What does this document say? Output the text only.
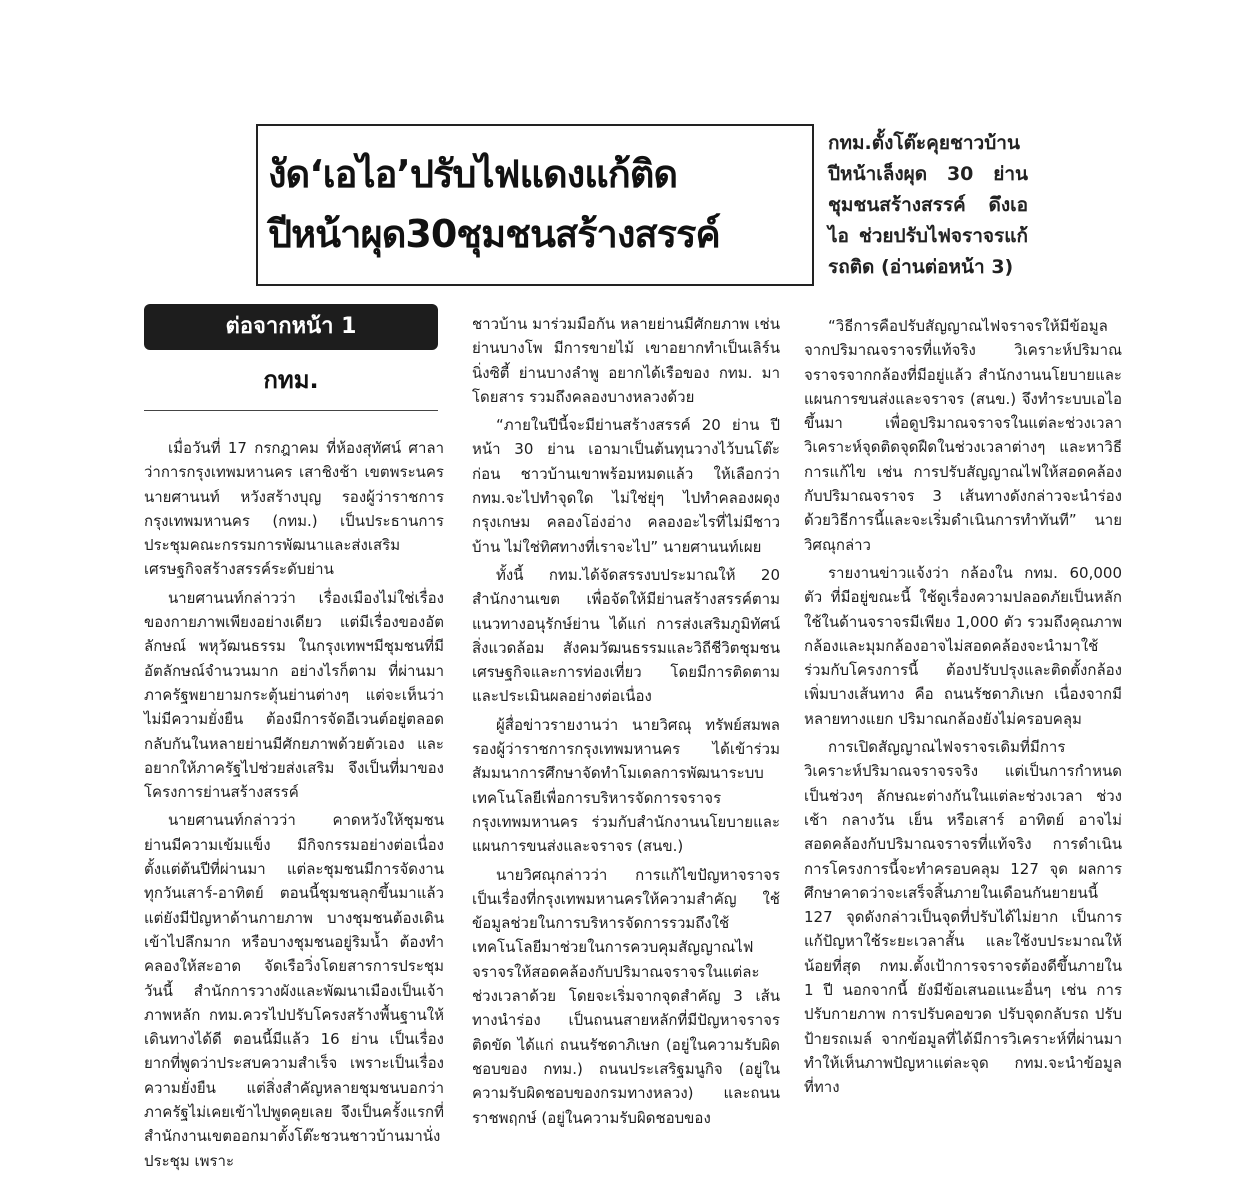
งัด‘เอไอ’ปรับไฟแดงแก้ติด
ปีหน้าผุด30ชุมชนสร้างสรรค์
กทม.ตั้งโต๊ะคุยชาวบ้าน ปีหน้าเล็งผุด 30 ย่าน ชุมชนสร้างสรรค์ ดึงเอไอ ช่วยปรับไฟจราจรแก้ รถติด (อ่านต่อหน้า 3)
ต่อจากหน้า 1
กทม.

เมื่อวันที่ 17 กรกฎาคม ที่ห้องสุทัศน์ ศาลาว่าการกรุงเทพมหานคร เสาชิงช้า เขตพระนคร นายศานนท์ หวังสร้างบุญ รองผู้ว่าราชการกรุงเทพมหานคร (กทม.) เป็นประธานการประชุมคณะกรรมการพัฒนาและส่งเสริมเศรษฐกิจสร้างสรรค์ระดับย่าน

นายศานนท์กล่าวว่า เรื่องเมืองไม่ใช่เรื่องของกายภาพเพียงอย่างเดียว แต่มีเรื่องของอัตลักษณ์ พหุวัฒนธรรม ในกรุงเทพฯมีชุมชนที่มีอัตลักษณ์จำนวนมาก อย่างไรก็ตาม ที่ผ่านมาภาครัฐพยายามกระตุ้นย่านต่างๆ แต่จะเห็นว่าไม่มีความยั่งยืน ต้องมีการจัดอีเวนต์อยู่ตลอด กลับกันในหลายย่านมีศักยภาพด้วยตัวเอง และอยากให้ภาครัฐไปช่วยส่งเสริม จึงเป็นที่มาของโครงการย่านสร้างสรรค์

นายศานนท์กล่าวว่า คาดหวังให้ชุมชน ย่านมีความเข้มแข็ง มีกิจกรรมอย่างต่อเนื่อง ตั้งแต่ต้นปีที่ผ่านมา แต่ละชุมชนมีการจัดงานทุกวันเสาร์-อาทิตย์ ตอนนี้ชุมชนลุกขึ้นมาแล้ว แต่ยังมีปัญหาด้านกายภาพ บางชุมชนต้องเดินเข้าไปลึกมาก หรือบางชุมชนอยู่ริมน้ำ ต้องทำคลองให้สะอาด จัดเรือวิ่งโดยสารการประชุมวันนี้ สำนักการวางผังและพัฒนาเมืองเป็นเจ้าภาพหลัก กทม.ควรไปปรับโครงสร้างพื้นฐานให้เดินทางได้ดี ตอนนี้มีแล้ว 16 ย่าน เป็นเรื่องยากที่พูดว่าประสบความสำเร็จ เพราะเป็นเรื่องความยั่งยืน แต่สิ่งสำคัญหลายชุมชนบอกว่าภาครัฐไม่เคยเข้าไปพูดคุยเลย จึงเป็นครั้งแรกที่สำนักงานเขตออกมาตั้งโต๊ะชวนชาวบ้านมานั่งประชุม เพราะ

ชาวบ้าน มาร่วมมือกัน หลายย่านมีศักยภาพ เช่น ย่านบางโพ มีการขายไม้ เขาอยากทำเป็นเลิร์นนิ่งซิตี้ ย่านบางลำพู อยากได้เรือของ กทม. มาโดยสาร รวมถึงคลองบางหลวงด้วย

“ภายในปีนี้จะมีย่านสร้างสรรค์ 20 ย่าน ปีหน้า 30 ย่าน เอามาเป็นต้นทุนวางไว้บนโต๊ะก่อน ชาวบ้านเขาพร้อมหมดแล้ว ให้เลือกว่า กทม.จะไปทำจุดใด ไม่ใช่ยุ่ๆ ไปทำคลองผดุงกรุงเกษม คลองโอ่งอ่าง คลองอะไรที่ไม่มีชาวบ้าน ไม่ใช่ทิศทางที่เราจะไป” นายศานนท์เผย

ทั้งนี้ กทม.ได้จัดสรรงบประมาณให้ 20 สำนักงานเขต เพื่อจัดให้มีย่านสร้างสรรค์ตามแนวทางอนุรักษ์ย่าน ได้แก่ การส่งเสริมภูมิทัศน์ สิ่งแวดล้อม สังคมวัฒนธรรมและวิถีชีวิตชุมชน เศรษฐกิจและการท่องเที่ยว โดยมีการติดตามและประเมินผลอย่างต่อเนื่อง

ผู้สื่อข่าวรายงานว่า นายวิศณุ ทรัพย์สมพล รองผู้ว่าราชการกรุงเทพมหานคร ได้เข้าร่วมสัมมนาการศึกษาจัดทำโมเดลการพัฒนาระบบเทคโนโลยีเพื่อการบริหารจัดการจราจรกรุงเทพมหานคร ร่วมกับสำนักงานนโยบายและแผนการขนส่งและจราจร (สนข.)

นายวิศณุกล่าวว่า การแก้ไขปัญหาจราจรเป็นเรื่องที่กรุงเทพมหานครให้ความสำคัญ ใช้ข้อมูลช่วยในการบริหารจัดการรวมถึงใช้เทคโนโลยีมาช่วยในการควบคุมสัญญาณไฟจราจรให้สอดคล้องกับปริมาณจราจรในแต่ละช่วงเวลาด้วย โดยจะเริ่มจากจุดสำคัญ 3 เส้นทางนำร่อง เป็นถนนสายหลักที่มีปัญหาจราจรติดขัด ได้แก่ ถนนรัชดาภิเษก (อยู่ในความรับผิดชอบของ กทม.) ถนนประเสริฐมนูกิจ (อยู่ในความรับผิดชอบของกรมทางหลวง) และถนนราชพฤกษ์ (อยู่ในความรับผิดชอบของ

“วิธีการคือปรับสัญญาณไฟจราจรให้มีข้อมูลจากปริมาณจราจรที่แท้จริง วิเคราะห์ปริมาณจราจรจากกล้องที่มีอยู่แล้ว สำนักงานนโยบายและแผนการขนส่งและจราจร (สนข.) จึงทำระบบเอไอขึ้นมา เพื่อดูปริมาณจราจรในแต่ละช่วงเวลา วิเคราะห์จุดติดจุดฝืดในช่วงเวลาต่างๆ และหาวิธีการแก้ไข เช่น การปรับสัญญาณไฟให้สอดคล้องกับปริมาณจราจร 3 เส้นทางดังกล่าวจะนำร่องด้วยวิธีการนี้และจะเริ่มดำเนินการทำทันที” นายวิศณุกล่าว

รายงานข่าวแจ้งว่า กล้องใน กทม. 60,000 ตัว ที่มีอยู่ขณะนี้ ใช้ดูเรื่องความปลอดภัยเป็นหลัก ใช้ในด้านจราจรมีเพียง 1,000 ตัว รวมถึงคุณภาพกล้องและมุมกล้องอาจไม่สอดคล้องจะนำมาใช้ร่วมกับโครงการนี้ ต้องปรับปรุงและติดตั้งกล้องเพิ่มบางเส้นทาง คือ ถนนรัชดาภิเษก เนื่องจากมีหลายทางแยก ปริมาณกล้องยังไม่ครอบคลุม

การเปิดสัญญาณไฟจราจรเดิมที่มีการวิเคราะห์ปริมาณจราจรจริง แต่เป็นการกำหนดเป็นช่วงๆ ลักษณะต่างกันในแต่ละช่วงเวลา ช่วงเช้า กลางวัน เย็น หรือเสาร์ อาทิตย์ อาจไม่สอดคล้องกับปริมาณจราจรที่แท้จริง การดำเนินการโครงการนี้จะทำครอบคลุม 127 จุด ผลการศึกษาคาดว่าจะเสร็จสิ้นภายในเดือนกันยายนนี้ 127 จุดดังกล่าวเป็นจุดที่ปรับได้ไม่ยาก เป็นการแก้ปัญหาใช้ระยะเวลาสั้น และใช้งบประมาณให้น้อยที่สุด กทม.ตั้งเป้าการจราจรต้องดีขึ้นภายใน 1 ปี นอกจากนี้ ยังมีข้อเสนอแนะอื่นๆ เช่น การปรับกายภาพ การปรับคอขวด ปรับจุดกลับรถ ปรับป้ายรถเมล์ จากข้อมูลที่ได้มีการวิเคราะห์ที่ผ่านมา ทำให้เห็นภาพปัญหาแต่ละจุด กทม.จะนำข้อมูลที่ทาง
